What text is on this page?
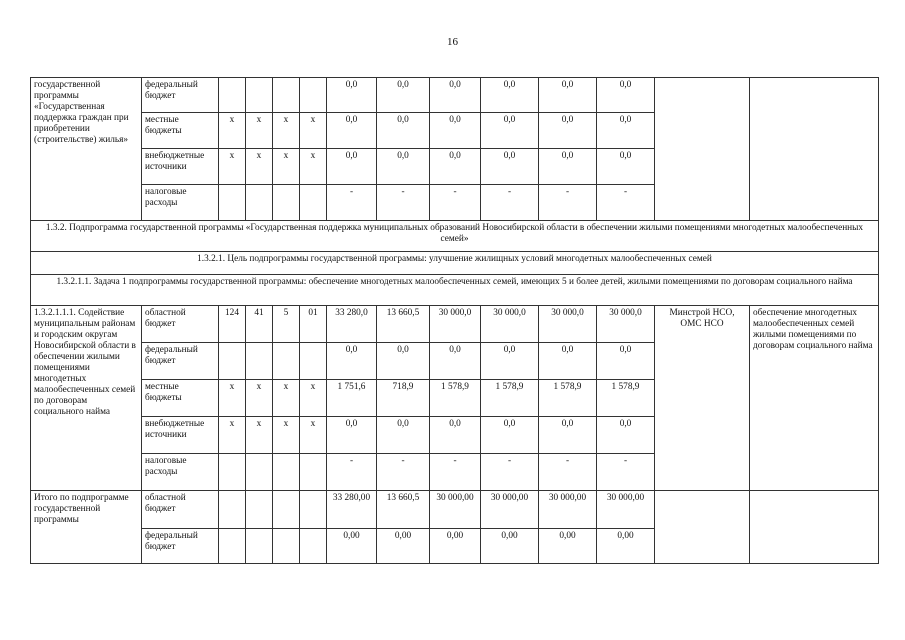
16
государственной программы «Государственная поддержка граждан при приобретении (строительстве) жилья»	федеральный бюджет					0,0	0,0	0,0	0,0	0,0	0,0		
	местные бюджеты	х	х	х	х	0,0	0,0	0,0	0,0	0,0	0,0		
	внебюджетные источники	х	х	х	х	0,0	0,0	0,0	0,0	0,0	0,0		
	налоговые расходы					-	-	-	-	-	-		
1.3.2. Подпрограмма государственной программы «Государственная поддержка муниципальных образований Новосибирской области в обеспечении жилыми помещениями многодетных малообеспеченных семей»													
1.3.2.1. Цель подпрограммы государственной программы: улучшение жилищных условий многодетных малообеспеченных семей													
1.3.2.1.1. Задача 1 подпрограммы государственной программы: обеспечение многодетных малообеспеченных семей, имеющих 5 и более детей, жилыми помещениями по договорам социального найма													
1.3.2.1.1.1. Содействие муниципальным районам и городским округам Новосибирской области в обеспечении жилыми помещениями многодетных малообеспеченных семей по договорам социального найма	областной бюджет	124	41	5	01	33 280,0	13 660,5	30 000,0	30 000,0	30 000,0	30 000,0	Минстрой НСО, ОМС НСО	обеспечение многодетных малообеспеченных семей жилыми помещениями по договорам социального найма
	федеральный бюджет					0,0	0,0	0,0	0,0	0,0	0,0		
	местные бюджеты	х	х	х	х	1 751,6	718,9	1 578,9	1 578,9	1 578,9	1 578,9		
	внебюджетные источники	х	х	х	х	0,0	0,0	0,0	0,0	0,0	0,0		
	налоговые расходы					-	-	-	-	-	-		
Итого по подпрограмме государственной программы	областной бюджет					33 280,00	13 660,5	30 000,00	30 000,00	30 000,00	30 000,00		
	федеральный бюджет					0,00	0,00	0,00	0,00	0,00	0,00		
